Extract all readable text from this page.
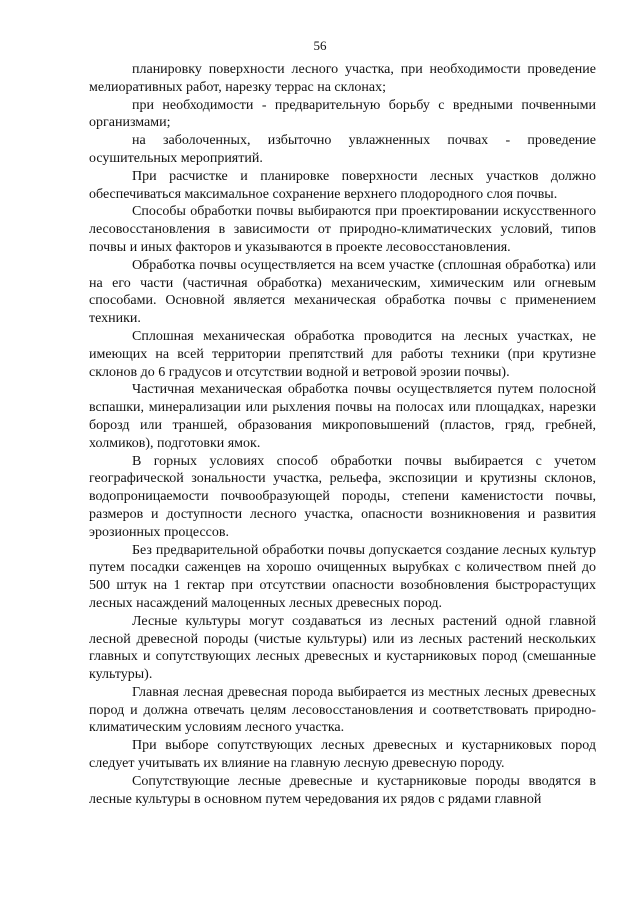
56

планировку поверхности лесного участка, при необходимости проведение мелиоративных работ, нарезку террас на склонах;

при необходимости - предварительную борьбу с вредными почвенными организмами;

на заболоченных, избыточно увлажненных почвах - проведение осушительных мероприятий.

При расчистке и планировке поверхности лесных участков должно обеспечиваться максимальное сохранение верхнего плодородного слоя почвы.

Способы обработки почвы выбираются при проектировании искусственного лесовосстановления в зависимости от природно-климатических условий, типов почвы и иных факторов и указываются в проекте лесовосстановления.

Обработка почвы осуществляется на всем участке (сплошная обработка) или на его части (частичная обработка) механическим, химическим или огневым способами. Основной является механическая обработка почвы с применением техники.

Сплошная механическая обработка проводится на лесных участках, не имеющих на всей территории препятствий для работы техники (при крутизне склонов до 6 градусов и отсутствии водной и ветровой эрозии почвы).

Частичная механическая обработка почвы осуществляется путем полосной вспашки, минерализации или рыхления почвы на полосах или площадках, нарезки борозд или траншей, образования микроповышений (пластов, гряд, гребней, холмиков), подготовки ямок.

В горных условиях способ обработки почвы выбирается с учетом географической зональности участка, рельефа, экспозиции и крутизны склонов, водопроницаемости почвообразующей породы, степени каменистости почвы, размеров и доступности лесного участка, опасности возникновения и развития эрозионных процессов.

Без предварительной обработки почвы допускается создание лесных культур путем посадки саженцев на хорошо очищенных вырубках с количеством пней до 500 штук на 1 гектар при отсутствии опасности возобновления быстрорастущих лесных насаждений малоценных лесных древесных пород.

Лесные культуры могут создаваться из лесных растений одной главной лесной древесной породы (чистые культуры) или из лесных растений нескольких главных и сопутствующих лесных древесных и кустарниковых пород (смешанные культуры).

Главная лесная древесная порода выбирается из местных лесных древесных пород и должна отвечать целям лесовосстановления и соответствовать природно-климатическим условиям лесного участка.

При выборе сопутствующих лесных древесных и кустарниковых пород следует учитывать их влияние на главную лесную древесную породу.

Сопутствующие лесные древесные и кустарниковые породы вводятся в лесные культуры в основном путем чередования их рядов с рядами главной
